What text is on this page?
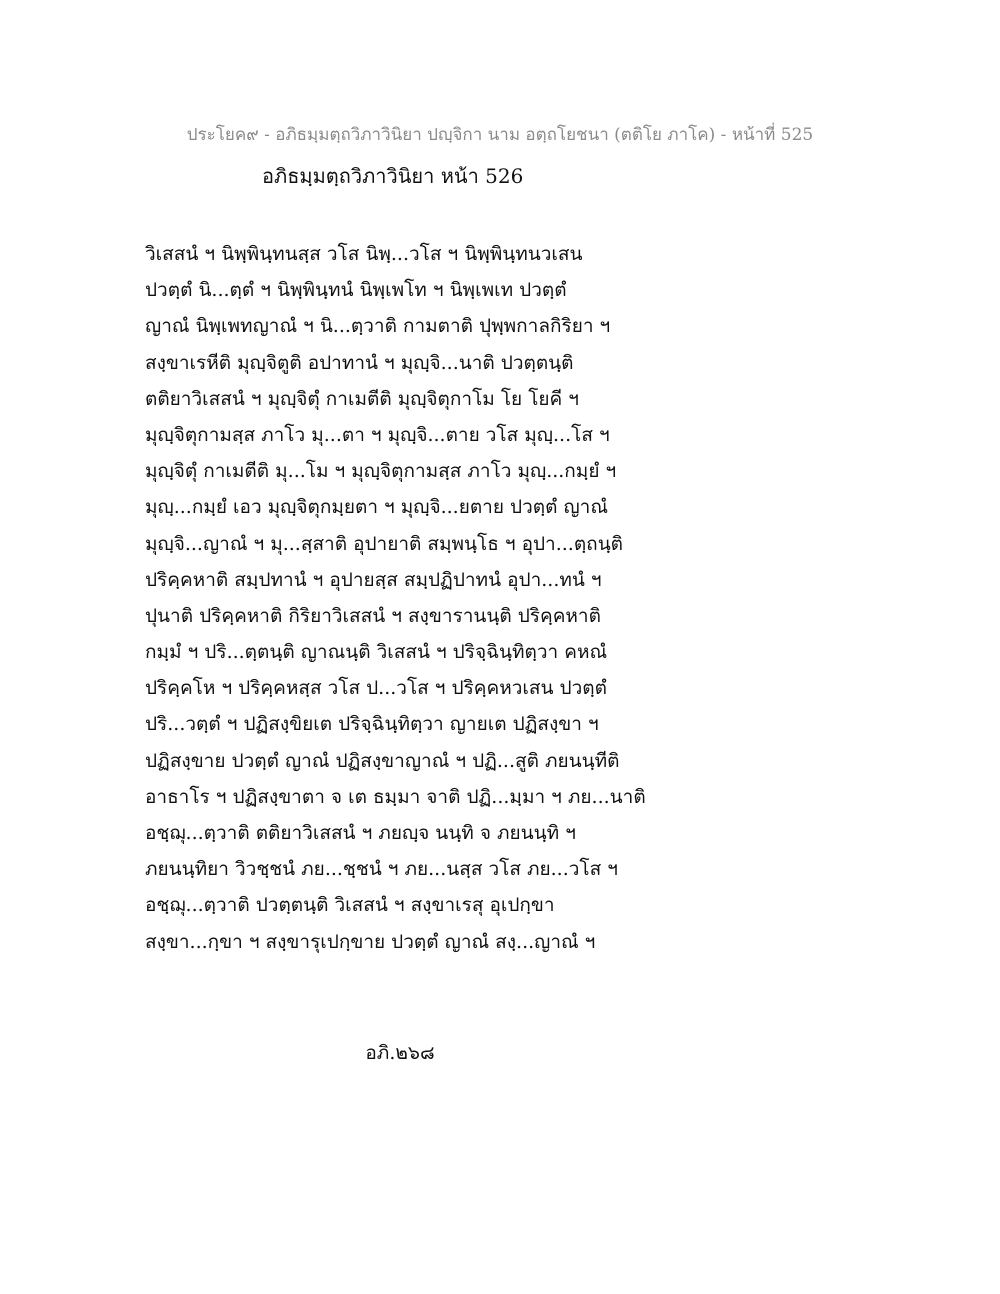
ประโยค๙ - อภิธมฺมตฺถวิภาวินิยา ปญฺจิกา นาม อตฺถโยชนา (ตติโย ภาโค) - หน้าที่ 525
อภิธมฺมตฺถวิภาวินิยา หน้า 526
วิเสสนํ ฯ นิพฺพินฺทนสฺส วโส นิพฺ...วโส ฯ นิพฺพินฺทนวเสน
ปวตฺตํ นิ...ตฺตํ ฯ นิพฺพินฺทนํ นิพฺเพโท ฯ นิพฺเพเท ปวตฺตํ
ญาณํ นิพฺเพทญาณํ ฯ นิ...ตฺวาติ กามตาติ ปุพฺพกาลกิริยา ฯ
สงฺขาเรหีติ มุญฺจิตูติ อปาทานํ ฯ มุญฺจิ...นาติ ปวตฺตนฺติ
ตติยาวิเสสนํ ฯ มุญฺจิตุํ กาเมตีติ มุญฺจิตุกาโม โย โยคี ฯ
มุญฺจิตุกามสฺส ภาโว มุ...ตา ฯ มุญฺจิ...ตาย วโส มุญฺ...โส ฯ
มุญฺจิตุํ กาเมตีติ มุ...โม ฯ มุญฺจิตุกามสฺส ภาโว มุญฺ...กมฺยํ ฯ
มุญฺ...กมฺยํ เอว มุญฺจิตุกมฺยตา ฯ มุญฺจิ...ยตาย ปวตฺตํ ญาณํ
มุญฺจิ...ญาณํ ฯ มุ...สฺสาติ อุปายาติ สมฺพนฺโธ ฯ อุปา...ตฺถนฺติ
ปริคฺคหาติ สมฺปทานํ ฯ อุปายสฺส สมฺปฏิปาทนํ อุปา...ทนํ ฯ
ปุนาติ ปริคฺคหาติ กิริยาวิเสสนํ ฯ สงฺขารานนฺติ ปริคฺคหาติ
กมฺมํ ฯ ปริ...ตฺตนฺติ ญาณนฺติ วิเสสนํ ฯ ปริจฺฉินฺทิตฺวา คหณํ
ปริคฺคโห ฯ ปริคฺคหสฺส วโส ป...วโส ฯ ปริคฺคหวเสน ปวตฺตํ
ปริ...วตฺตํ ฯ ปฏิสงฺขิยเต ปริจฺฉินฺทิตฺวา ญายเต ปฏิสงฺขา ฯ
ปฏิสงฺขาย ปวตฺตํ ญาณํ ปฏิสงฺขาญาณํ ฯ ปฏิ...สูติ ภยนนฺทีติ
อาธาโร ฯ ปฏิสงฺขาตา จ เต ธมฺมา จาติ ปฏิ...มฺมา ฯ ภย...นาติ
อชฺฌุ...ตฺวาติ ตติยาวิเสสนํ ฯ ภยญฺจ นนฺทิ จ ภยนนฺทิ ฯ
ภยนนฺทิยา วิวชฺชนํ ภย...ชฺชนํ ฯ ภย...นสฺส วโส ภย...วโส ฯ
อชฺฌุ...ตฺวาติ ปวตฺตนฺติ วิเสสนํ ฯ สงฺขาเรสุ อุเปกฺขา
สงฺขา...กฺขา ฯ สงฺขารุเปกฺขาย ปวตฺตํ ญาณํ สงฺ...ญาณํ ฯ
อภิ.๒๖๘
